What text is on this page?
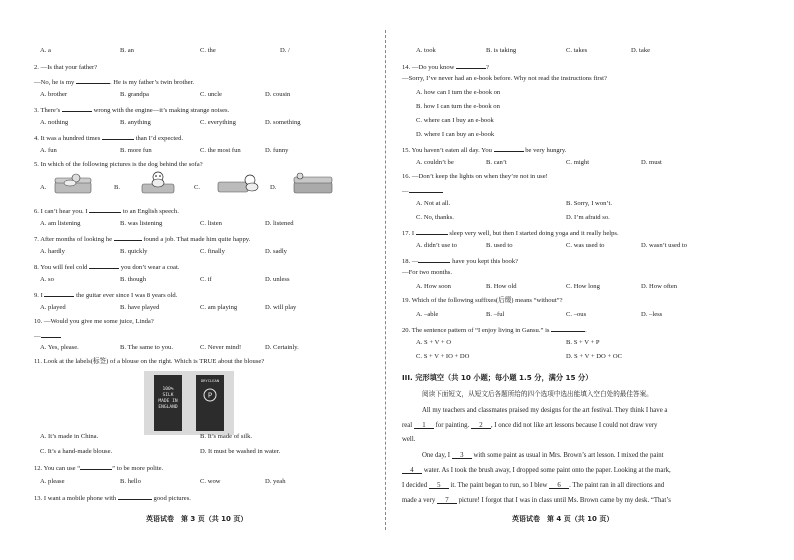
A. a	B. an	C. the	D. /
2. —Is that your father?
—No, he is my	. He is my father’s twin brother.
A. brother	B. grandpa	C. uncle	D. cousin
3. There’s	wrong with the engine—it’s making strange noises.
A. nothing	B. anything	C. everything	D. something
4. It was a hundred times	than I’d expected.
A. fun	B. more fun	C. the most fun	D. funny
5. In which of the following pictures is the dog behind the sofa?
A.	B.	C.	D.
6. I can’t hear you. I	to an English speech.
A. am listening	B. was listening	C. listen	D. listened
7. After months of looking he	found a job. That made him quite happy.
A. hardly	B. quickly	C. finally	D. sadly
8. You will feel cold	you don’t wear a coat.
A. so	B. though	C. if	D. unless
9. I	the guitar ever since I was 8 years old.
A. played	B. have played	C. am playing	D. will play
10. —Would you give me some juice, Linda?
—
A. Yes, please.	B. The same to you.	C. Never mind!	D. Certainly.
11. Look at the labels(标签) of a blouse on the right. Which is TRUE about the blouse?
100%
SILK
MADE IN
ENGLAND
DRYCLEAN
P
A. It’s made in China.	B. It’s made of silk.
C. It’s a hand-made blouse.	D. It must be washed in water.
12. You can use “	” to be more polite.
A. please	B. hello	C. wow	D. yeah
13. I want a mobile phone with	good pictures.
英语试卷　第 3 页（共 10 页）
A. took	B. is taking	C. takes	D. take
14. —Do you know	?
—Sorry, I’ve never had an e-book before. Why not read the instructions first?
A. how can I turn the e-book on
B. how I can turn the e-book on
C. where can I buy an e-book
D. where I can buy an e-book
15. You haven’t eaten all day. You	be very hungry.
A. couldn’t be	B. can’t	C. might	D. must
16. —Don’t keep the lights on when they’re not in use!
—
A. Not at all.	B. Sorry, I won’t.
C. No, thanks.	D. I’m afraid so.
17. I	sleep very well, but then I started doing yoga and it really helps.
A. didn’t use to	B. used to	C. was used to	D. wasn’t used to
18. —	have you kept this book?
—For two months.
A. How soon	B. How old	C. How long	D. How often
19. Which of the following suffixes(后缀) means “without”?
A. –able	B. –ful	C. –ous	D. –less
20. The sentence pattern of “I enjoy living in Gansu.” is	.
A. S + V + O	B. S + V + P
C. S + V + IO + DO	D. S + V + DO + OC
III. 完形填空（共 10 小题；每小题 1.5 分，满分 15 分）
阅读下面短文，从短文后各题所给的四个选项中选出能填入空白处的最佳答案。
All my teachers and classmates praised my designs for the art festival. They think I have a
real 1 for painting. 2 , I once did not like art lessons because I could not draw very
well.
One day, I 3 with some paint as usual in Mrs. Brown’s art lesson. I mixed the paint
4 water. As I took the brush away, I dropped some paint onto the paper. Looking at the mark,
I decided 5 it. The paint began to run, so I blew 6 . The paint ran in all directions and
made a very 7 picture! I forgot that I was in class until Ms. Brown came by my desk. “That’s
英语试卷　第 4 页（共 10 页）
